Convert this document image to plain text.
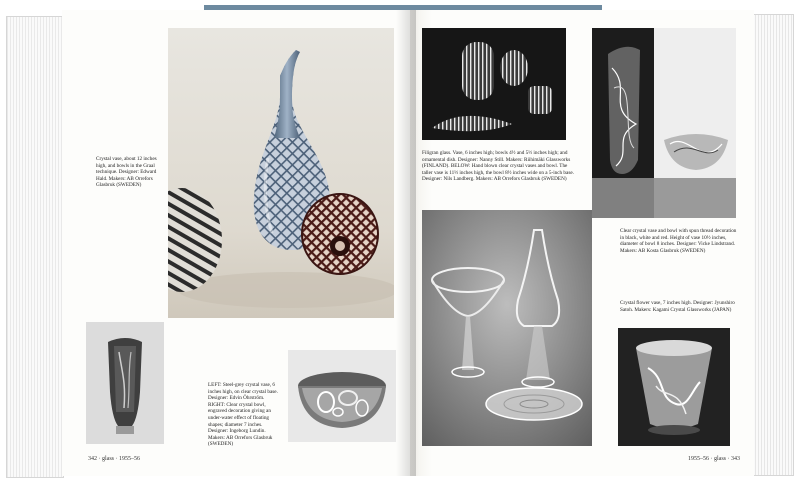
Crystal vase, about 12 inches high, and bowls in the Graal technique. Designer: Edward Hald. Makers: AB Orrefors Glasbruk (SWEDEN)
LEFT: Steel-grey crystal vase, 6 inches high, on clear crystal base. Designer: Edvin Öhrström. RIGHT: Clear crystal bowl, engraved decoration giving an under-water effect of floating shapes; diameter 7 inches. Designer: Ingeborg Lundin. Makers: AB Orrefors Glasbruk (SWEDEN)
342 · glass · 1955–56
Filigran glass. Vase, 6 inches high; bowls 4½ and 5½ inches high; and ornamental dish. Designer: Nanny Still. Makers: Riihimäki Glassworks (FINLAND). BELOW: Hand blown clear crystal vases and bowl. The taller vase is 11½ inches high, the bowl 8½ inches wide on a 5-inch base. Designer: Nils Landberg. Makers: AB Orrefors Glasbruk (SWEDEN)
Clear crystal vase and bowl with spun thread decoration in black, white and red. Height of vase 10½ inches, diameter of bowl 8 inches. Designer: Vicke Lindstrand. Makers: AB Kosta Glasbruk (SWEDEN)
Crystal flower vase, 7 inches high. Designer: Jyunshiro Satoh. Makers: Kagami Crystal Glassworks (JAPAN)
1955–56 · glass · 343
